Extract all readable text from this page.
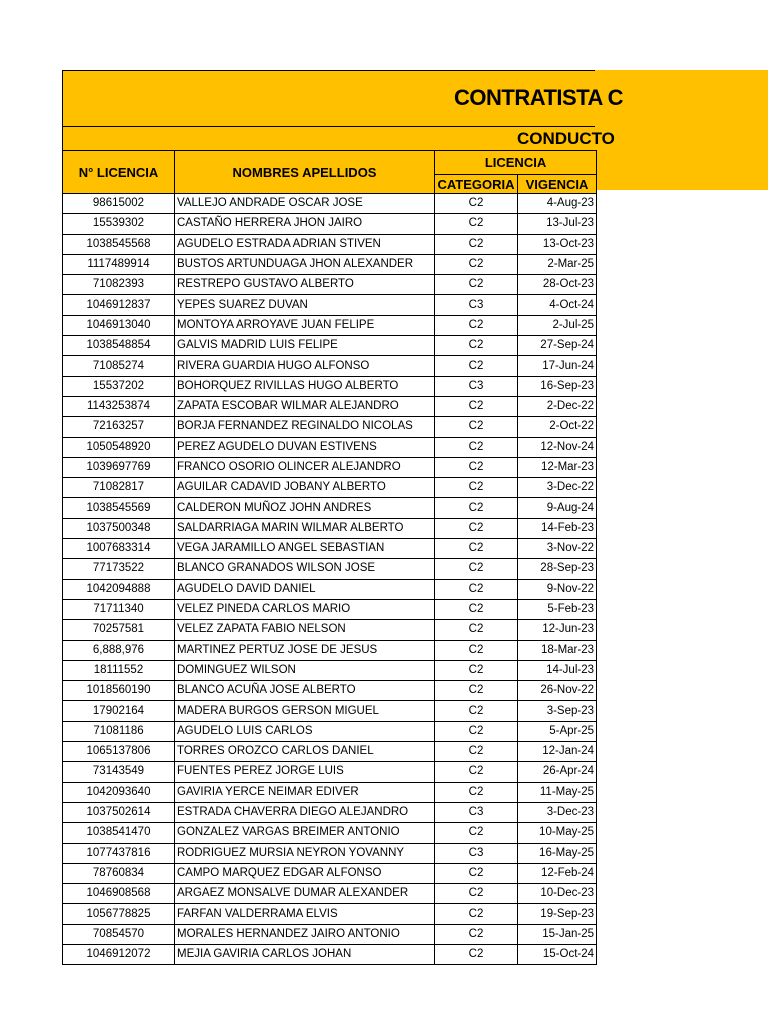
CONTRATISTA C
CONDUCTO
N° LICENCIA	NOMBRES APELLIDOS	LICENCIA	
		CATEGORIA	VIGENCIA
98615002	VALLEJO ANDRADE OSCAR JOSE	C2	4-Aug-23
15539302	CASTAÑO HERRERA JHON JAIRO	C2	13-Jul-23
1038545568	AGUDELO ESTRADA ADRIAN STIVEN	C2	13-Oct-23
1117489914	BUSTOS ARTUNDUAGA JHON ALEXANDER	C2	2-Mar-25
71082393	RESTREPO GUSTAVO ALBERTO	C2	28-Oct-23
1046912837	YEPES SUAREZ DUVAN	C3	4-Oct-24
1046913040	MONTOYA ARROYAVE JUAN FELIPE	C2	2-Jul-25
1038548854	GALVIS MADRID LUIS FELIPE	C2	27-Sep-24
71085274	RIVERA GUARDIA HUGO ALFONSO	C2	17-Jun-24
15537202	BOHORQUEZ RIVILLAS HUGO ALBERTO	C3	16-Sep-23
1143253874	ZAPATA ESCOBAR WILMAR ALEJANDRO	C2	2-Dec-22
72163257	BORJA FERNANDEZ REGINALDO NICOLAS	C2	2-Oct-22
1050548920	PEREZ AGUDELO DUVAN ESTIVENS	C2	12-Nov-24
1039697769	FRANCO OSORIO OLINCER ALEJANDRO	C2	12-Mar-23
71082817	AGUILAR CADAVID JOBANY ALBERTO	C2	3-Dec-22
1038545569	CALDERON MUÑOZ JOHN ANDRES	C2	9-Aug-24
1037500348	SALDARRIAGA MARIN WILMAR ALBERTO	C2	14-Feb-23
1007683314	VEGA JARAMILLO ANGEL SEBASTIAN	C2	3-Nov-22
77173522	BLANCO GRANADOS WILSON JOSE	C2	28-Sep-23
1042094888	AGUDELO DAVID DANIEL	C2	9-Nov-22
71711340	VELEZ PINEDA CARLOS MARIO	C2	5-Feb-23
70257581	VELEZ ZAPATA FABIO NELSON	C2	12-Jun-23
6,888,976	MARTINEZ PERTUZ JOSE DE JESUS	C2	18-Mar-23
18111552	DOMINGUEZ WILSON	C2	14-Jul-23
1018560190	BLANCO ACUÑA JOSE ALBERTO	C2	26-Nov-22
17902164	MADERA BURGOS GERSON MIGUEL	C2	3-Sep-23
71081186	AGUDELO LUIS CARLOS	C2	5-Apr-25
1065137806	TORRES OROZCO CARLOS DANIEL	C2	12-Jan-24
73143549	FUENTES PEREZ JORGE LUIS	C2	26-Apr-24
1042093640	GAVIRIA YERCE NEIMAR EDIVER	C2	11-May-25
1037502614	ESTRADA CHAVERRA DIEGO ALEJANDRO	C3	3-Dec-23
1038541470	GONZALEZ VARGAS BREIMER ANTONIO	C2	10-May-25
1077437816	RODRIGUEZ MURSIA NEYRON YOVANNY	C3	16-May-25
78760834	CAMPO MARQUEZ EDGAR ALFONSO	C2	12-Feb-24
1046908568	ARGAEZ MONSALVE DUMAR ALEXANDER	C2	10-Dec-23
1056778825	FARFAN VALDERRAMA ELVIS	C2	19-Sep-23
70854570	MORALES HERNANDEZ JAIRO ANTONIO	C2	15-Jan-25
1046912072	MEJIA GAVIRIA CARLOS JOHAN	C2	15-Oct-24
